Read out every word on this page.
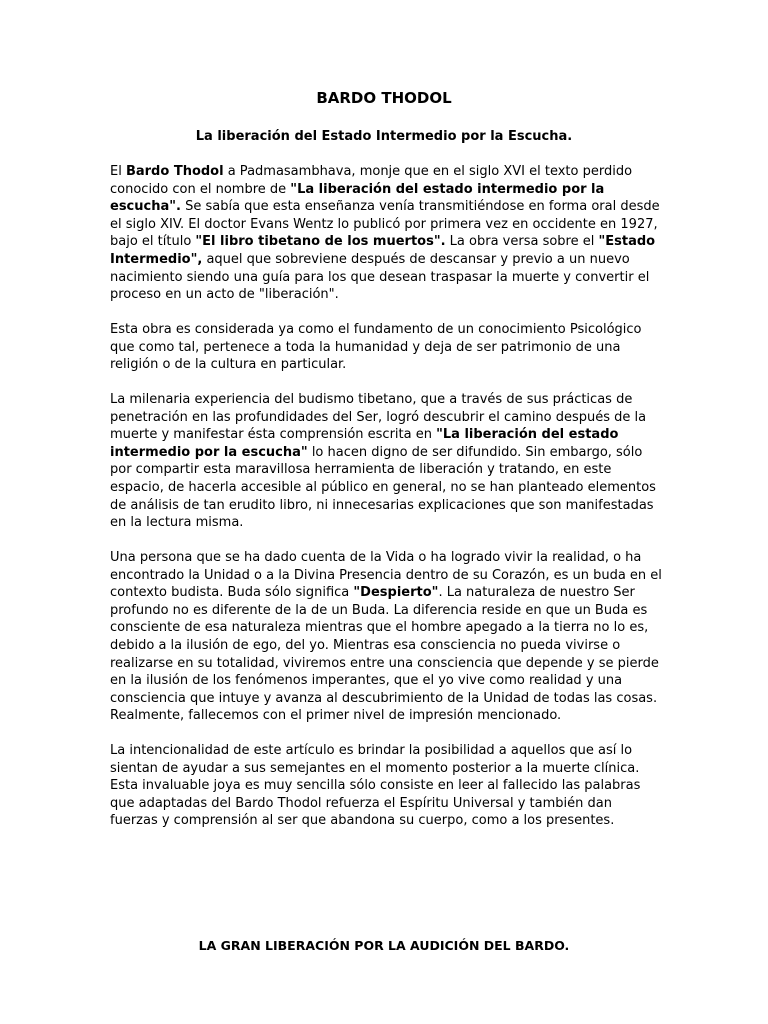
BARDO THODOL
La liberación del Estado Intermedio por la Escucha.

El Bardo Thodol a Padmasambhava, monje que en el siglo XVI el texto perdido conocido con el nombre de "La liberación del estado intermedio por la escucha". Se sabía que esta enseñanza venía transmitiéndose en forma oral desde el siglo XIV. El doctor Evans Wentz lo publicó por primera vez en occidente en 1927, bajo el título "El libro tibetano de los muertos". La obra versa sobre el "Estado Intermedio", aquel que sobreviene después de descansar y previo a un nuevo nacimiento siendo una guía para los que desean traspasar la muerte y convertir el proceso en un acto de "liberación".

Esta obra es considerada ya como el fundamento de un conocimiento Psicológico que como tal, pertenece a toda la humanidad y deja de ser patrimonio de una religión o de la cultura en particular.

La milenaria experiencia del budismo tibetano, que a través de sus prácticas de penetración en las profundidades del Ser, logró descubrir el camino después de la muerte y manifestar ésta comprensión escrita en "La liberación del estado intermedio por la escucha" lo hacen digno de ser difundido. Sin embargo, sólo por compartir esta maravillosa herramienta de liberación y tratando, en este espacio, de hacerla accesible al público en general, no se han planteado elementos de análisis de tan erudito libro, ni innecesarias explicaciones que son manifestadas en la lectura misma.

Una persona que se ha dado cuenta de la Vida o ha logrado vivir la realidad, o ha encontrado la Unidad o a la Divina Presencia dentro de su Corazón, es un buda en el contexto budista. Buda sólo significa "Despierto". La naturaleza de nuestro Ser profundo no es diferente de la de un Buda. La diferencia reside en que un Buda es consciente de esa naturaleza mientras que el hombre apegado a la tierra no lo es, debido a la ilusión de ego, del yo. Mientras esa consciencia no pueda vivirse o realizarse en su totalidad, viviremos entre una consciencia que depende y se pierde en la ilusión de los fenómenos imperantes, que el yo vive como realidad y una consciencia que intuye y avanza al descubrimiento de la Unidad de todas las cosas. Realmente, fallecemos con el primer nivel de impresión mencionado.

La intencionalidad de este artículo es brindar la posibilidad a aquellos que así lo sientan de ayudar a sus semejantes en el momento posterior a la muerte clínica. Esta invaluable joya es muy sencilla sólo consiste en leer al fallecido las palabras que adaptadas del Bardo Thodol refuerza el Espíritu Universal y también dan fuerzas y comprensión al ser que abandona su cuerpo, como a los presentes.

LA GRAN LIBERACIÓN POR LA AUDICIÓN DEL BARDO.
